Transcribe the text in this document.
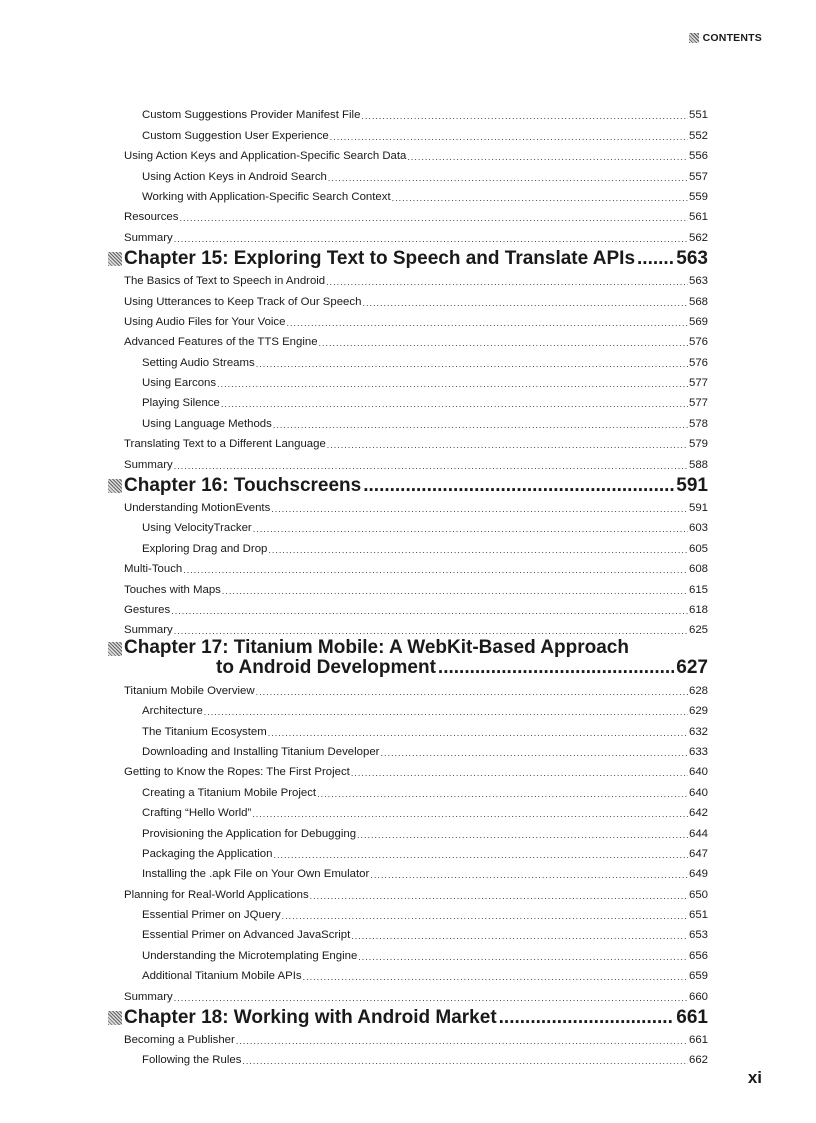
CONTENTS
Custom Suggestions Provider Manifest File .....	551
Custom Suggestion User Experience .....	552
Using Action Keys and Application-Specific Search Data .....	556
Using Action Keys in Android Search .....	557
Working with Application-Specific Search Context .....	559
Resources .....	561
Summary .....	562
Chapter 15: Exploring Text to Speech and Translate APIs ..... 563
The Basics of Text to Speech in Android .....	563
Using Utterances to Keep Track of Our Speech .....	568
Using Audio Files for Your Voice .....	569
Advanced Features of the TTS Engine .....	576
Setting Audio Streams .....	576
Using Earcons .....	577
Playing Silence .....	577
Using Language Methods .....	578
Translating Text to a Different Language .....	579
Summary .....	588
Chapter 16: Touchscreens .....	591
Understanding MotionEvents .....	591
Using VelocityTracker .....	603
Exploring Drag and Drop .....	605
Multi-Touch .....	608
Touches with Maps .....	615
Gestures .....	618
Summary .....	625
Chapter 17: Titanium Mobile: A WebKit-Based Approach
to Android Development .....	627
Titanium Mobile Overview .....	628
Architecture .....	629
The Titanium Ecosystem .....	632
Downloading and Installing Titanium Developer .....	633
Getting to Know the Ropes: The First Project .....	640
Creating a Titanium Mobile Project .....	640
Crafting “Hello World” .....	642
Provisioning the Application for Debugging .....	644
Packaging the Application .....	647
Installing the .apk File on Your Own Emulator .....	649
Planning for Real-World Applications .....	650
Essential Primer on JQuery .....	651
Essential Primer on Advanced JavaScript .....	653
Understanding the Microtemplating Engine .....	656
Additional Titanium Mobile APIs .....	659
Summary .....	660
Chapter 18: Working with Android Market .....	661
Becoming a Publisher .....	661
Following the Rules .....	662
xi
